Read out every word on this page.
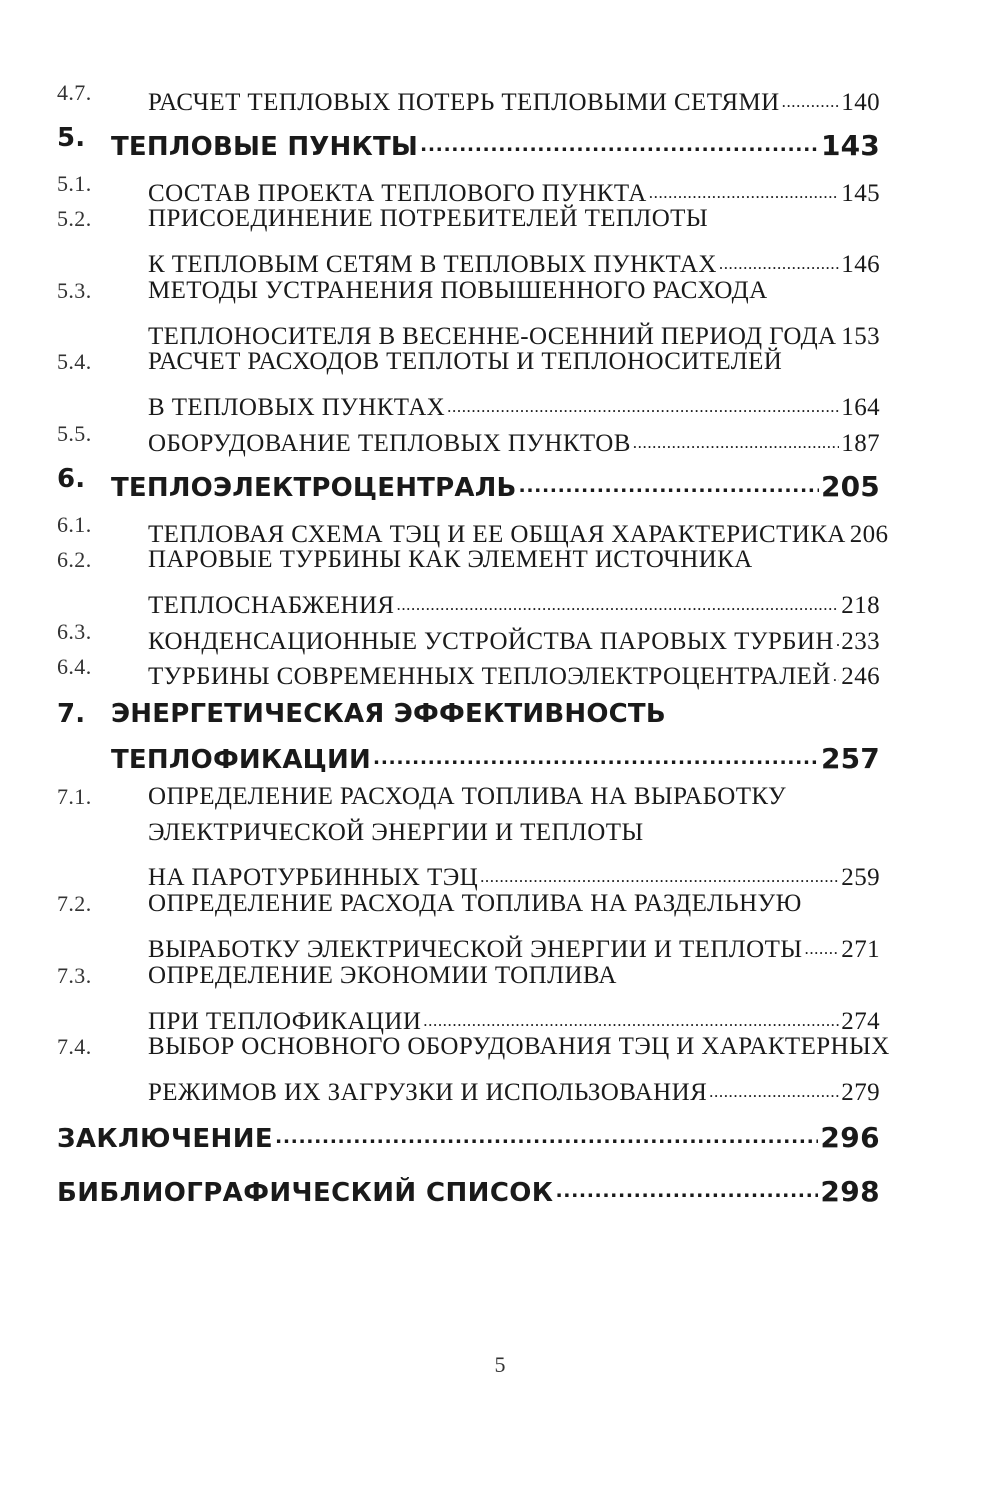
4.7. РАСЧЕТ ТЕПЛОВЫХ ПОТЕРЬ ТЕПЛОВЫМИ СЕТЯМИ ..... 140
5. ТЕПЛОВЫЕ ПУНКТЫ .....	143
5.1. СОСТАВ ПРОЕКТА ТЕПЛОВОГО ПУНКТА .....	145
5.2. ПРИСОЕДИНЕНИЕ ПОТРЕБИТЕЛЕЙ ТЕПЛОТЫ
К ТЕПЛОВЫМ СЕТЯМ В ТЕПЛОВЫХ ПУНКТАХ .....	146
5.3. МЕТОДЫ УСТРАНЕНИЯ ПОВЫШЕННОГО РАСХОДА
ТЕПЛОНОСИТЕЛЯ В ВЕСЕННЕ-ОСЕННИЙ ПЕРИОД ГОДА ..... 153
5.4. РАСЧЕТ РАСХОДОВ ТЕПЛОТЫ И ТЕПЛОНОСИТЕЛЕЙ
В ТЕПЛОВЫХ ПУНКТАХ .....	164
5.5. ОБОРУДОВАНИЕ ТЕПЛОВЫХ ПУНКТОВ .....	187
6. ТЕПЛОЭЛЕКТРОЦЕНТРАЛЬ .....	205
6.1. ТЕПЛОВАЯ СХЕМА ТЭЦ И ЕЕ ОБЩАЯ ХАРАКТЕРИСТИКА 206
6.2. ПАРОВЫЕ ТУРБИНЫ КАК ЭЛЕМЕНТ ИСТОЧНИКА
ТЕПЛОСНАБЖЕНИЯ .....	218
6.3. КОНДЕНСАЦИОННЫЕ УСТРОЙСТВА ПАРОВЫХ ТУРБИН ..... 233
6.4. ТУРБИНЫ СОВРЕМЕННЫХ ТЕПЛОЭЛЕКТРОЦЕНТРАЛЕЙ ..... 246
7. ЭНЕРГЕТИЧЕСКАЯ ЭФФЕКТИВНОСТЬ
ТЕПЛОФИКАЦИИ .....	257
7.1. ОПРЕДЕЛЕНИЕ РАСХОДА ТОПЛИВА НА ВЫРАБОТКУ
ЭЛЕКТРИЧЕСКОЙ ЭНЕРГИИ И ТЕПЛОТЫ
НА ПАРОТУРБИННЫХ ТЭЦ .....	259
7.2. ОПРЕДЕЛЕНИЕ РАСХОДА ТОПЛИВА НА РАЗДЕЛЬНУЮ
ВЫРАБОТКУ ЭЛЕКТРИЧЕСКОЙ ЭНЕРГИИ И ТЕПЛОТЫ ..... 271
7.3. ОПРЕДЕЛЕНИЕ ЭКОНОМИИ ТОПЛИВА
ПРИ ТЕПЛОФИКАЦИИ .....	274
7.4. ВЫБОР ОСНОВНОГО ОБОРУДОВАНИЯ ТЭЦ И ХАРАКТЕРНЫХ
РЕЖИМОВ ИХ ЗАГРУЗКИ И ИСПОЛЬЗОВАНИЯ .....	279
ЗАКЛЮЧЕНИЕ .....	296
БИБЛИОГРАФИЧЕСКИЙ СПИСОК .....	298
5
